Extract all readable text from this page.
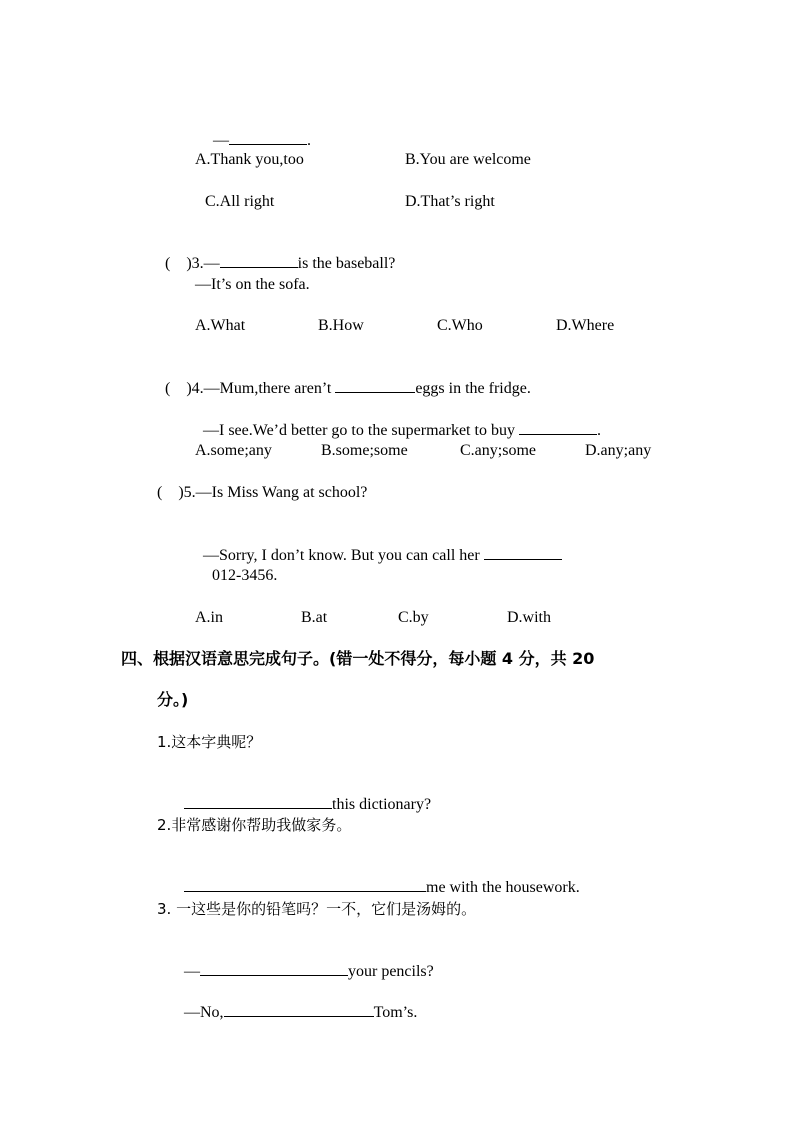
—	.

A.Thank you,too	B.You are welcome
C.All right	D.That’s right

(    )3.—	is the baseball?

—It’s on the sofa.
A.What	B.How	C.Who	D.Where

(    )4.—Mum,there aren’t	eggs in the fridge.

—I see.We’d better go to the supermarket to buy	.

A.some;any	B.some;some	C.any;some	D.any;any
(    )5.—Is Miss Wang at school?

—Sorry, I don’t know. But you can call her

012-3456.
A.in	B.at	C.by	D.with
四、根据汉语意思完成句子。(错一处不得分，每小题 4 分，共 20
分。)
1.这本字典呢？

this dictionary?

2.非常感谢你帮助我做家务。

me with the housework.

3. 一这些是你的铅笔吗？一不，它们是汤姆的。

—	your pencils?

—No,	Tom’s.
